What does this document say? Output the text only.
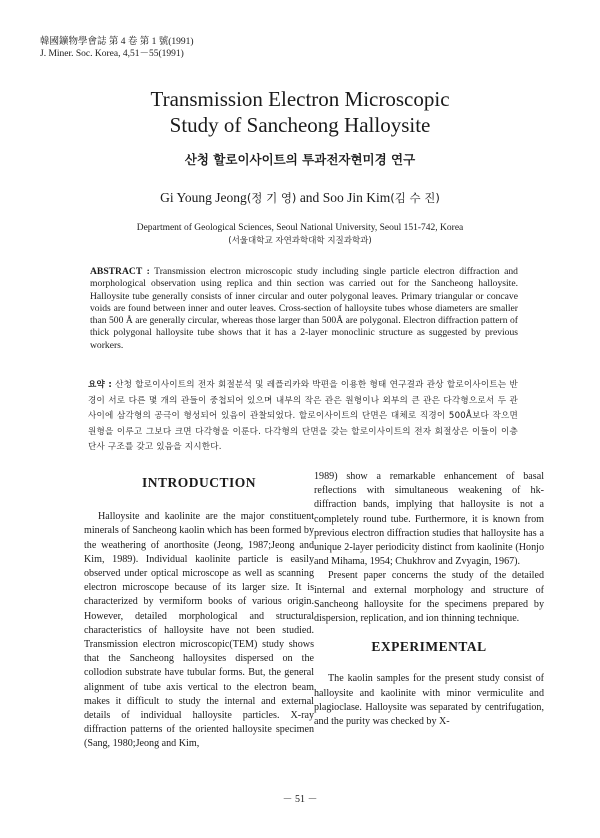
韓國鑛物學會誌 第 4 卷 第 1 號(1991)
J. Miner. Soc. Korea, 4,51－55(1991)
Transmission Electron Microscopic
Study of Sancheong Halloysite
산청 할로이사이트의 투과전자현미경 연구
Gi Young Jeong(정 기 영) and Soo Jin Kim(김 수 진)
Department of Geological Sciences, Seoul National University, Seoul 151-742, Korea
(서울대학교 자연과학대학 지질과학과)
ABSTRACT : Transmission electron microscopic study including single particle electron diffraction and morphological observation using replica and thin section was carried out for the Sancheong halloysite. Halloysite tube generally consists of inner circular and outer polygonal leaves. Primary triangular or concave voids are found between inner and outer leaves. Cross-section of halloysite tubes whose diameters are smaller than 500 Å are generally circular, whereas those larger than 500Å are polygonal. Electron diffraction pattern of thick polygonal halloysite tube shows that it has a 2-layer monoclinic structure as suggested by previous workers.
요약 : 산청 할로이사이트의 전자 회절분석 및 레플리카와 박편을 이용한 형태 연구결과 관상 할로이사이트는 반경이 서로 다른 몇 개의 관들이 중첩되어 있으며 내부의 작은 관은 원형이나 외부의 큰 관은 다각형으로서 두 관 사이에 삼각형의 공극이 형성되어 있음이 관찰되었다. 할로이사이트의 단면은 대체로 직경이 500Å보다 작으면 원형을 이루고 그보다 크면 다각형을 이룬다. 다각형의 단면을 갖는 할로이사이트의 전자 회절상은 이들이 이층 단사 구조를 갖고 있음을 지시한다.
INTRODUCTION

Halloysite and kaolinite are the major constituent minerals of Sancheong kaolin which has been formed by the weathering of anorthosite (Jeong, 1987;Jeong and Kim, 1989). Individual kaolinite particle is easily observed under optical microscope as well as scanning electron microscope because of its larger size. It is characterized by vermiform books of various origin. However, detailed morphological and structural characteristics of halloysite have not been studied. Transmission electron microscopic(TEM) study shows that the Sancheong halloysites dispersed on the collodion substrate have tubular forms. But, the general alignment of tube axis vertical to the electron beam makes it difficult to study the internal and external details of individual halloysite particles. X-ray diffraction patterns of the oriented halloysite specimen (Sang, 1980;Jeong and Kim,

1989) show a remarkable enhancement of basal reflections with simultaneous weakening of hk-diffraction bands, implying that halloysite is not a completely round tube. Furthermore, it is known from previous electron diffraction studies that halloysite has a unique 2-layer periodicity distinct from kaolinite (Honjo and Mihama, 1954; Chukhrov and Zvyagin, 1967).

Present paper concerns the study of the detailed internal and external morphology and structure of Sancheong halloysite for the specimens prepared by dispersion, replication, and ion thinning technique.

EXPERIMENTAL

The kaolin samples for the present study consist of halloysite and kaolinite with minor vermiculite and plagioclase. Halloysite was separated by centrifugation, and the purity was checked by X-

－ 51 －
